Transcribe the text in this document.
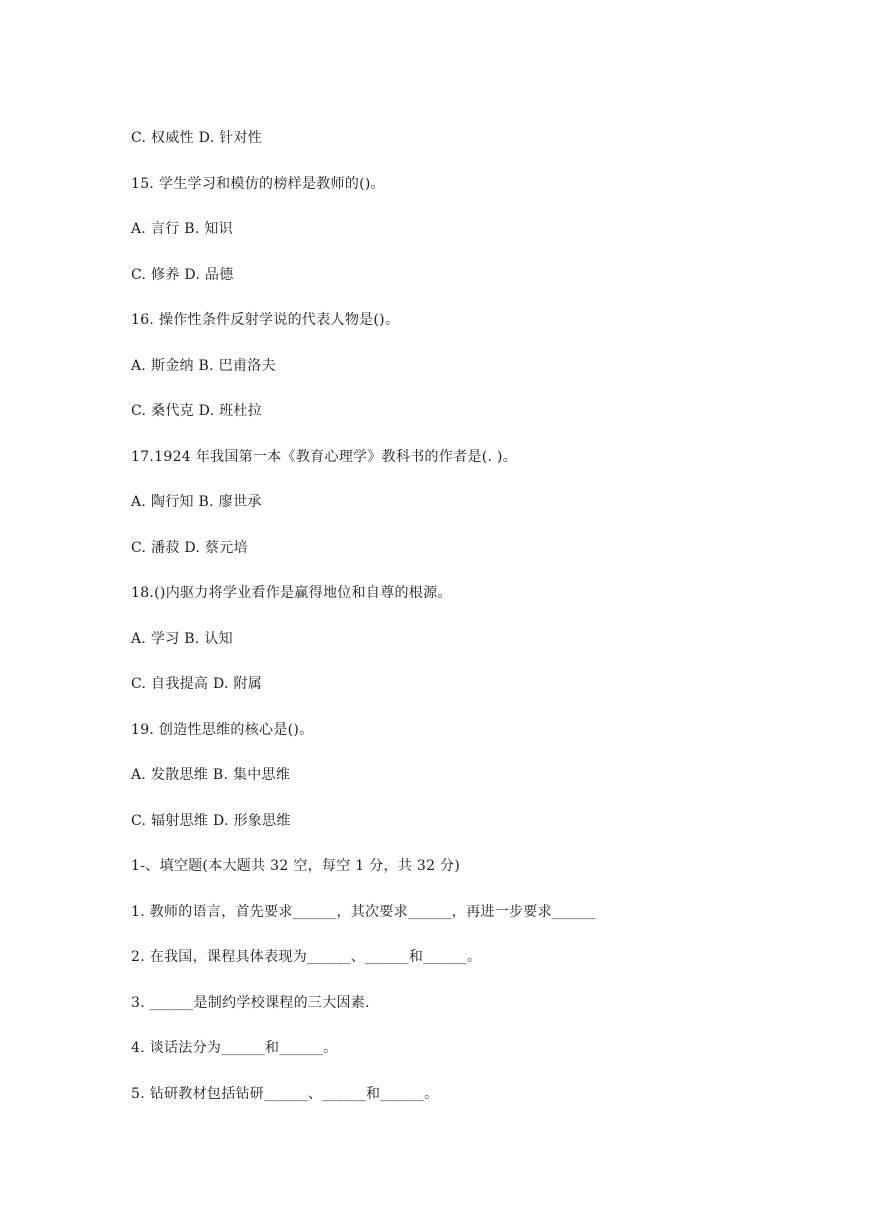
C. 权威性 D. 针对性
15. 学生学习和模仿的榜样是教师的()。
A. 言行 B. 知识
C. 修养 D. 品德
16. 操作性条件反射学说的代表人物是()。
A. 斯金纳 B. 巴甫洛夫
C. 桑代克 D. 班杜拉
17.1924 年我国第一本《教育心理学》教科书的作者是(. )。
A. 陶行知 B. 廖世承
C. 潘菽 D. 蔡元培
18.()内驱力将学业看作是赢得地位和自尊的根源。
A. 学习 B. 认知
C. 自我提高 D. 附属
19. 创造性思维的核心是()。
A. 发散思维 B. 集中思维
C. 辐射思维 D. 形象思维
1-、填空题(本大题共 32 空，每空 1 分，共 32 分)
1. 教师的语言，首先要求______，其次要求______，再进一步要求______
2. 在我国，课程具体表现为______、______和______。
3. ______是制约学校课程的三大因素.
4. 谈话法分为______和______。
5. 钻研教材包括钻研______、______和______。
